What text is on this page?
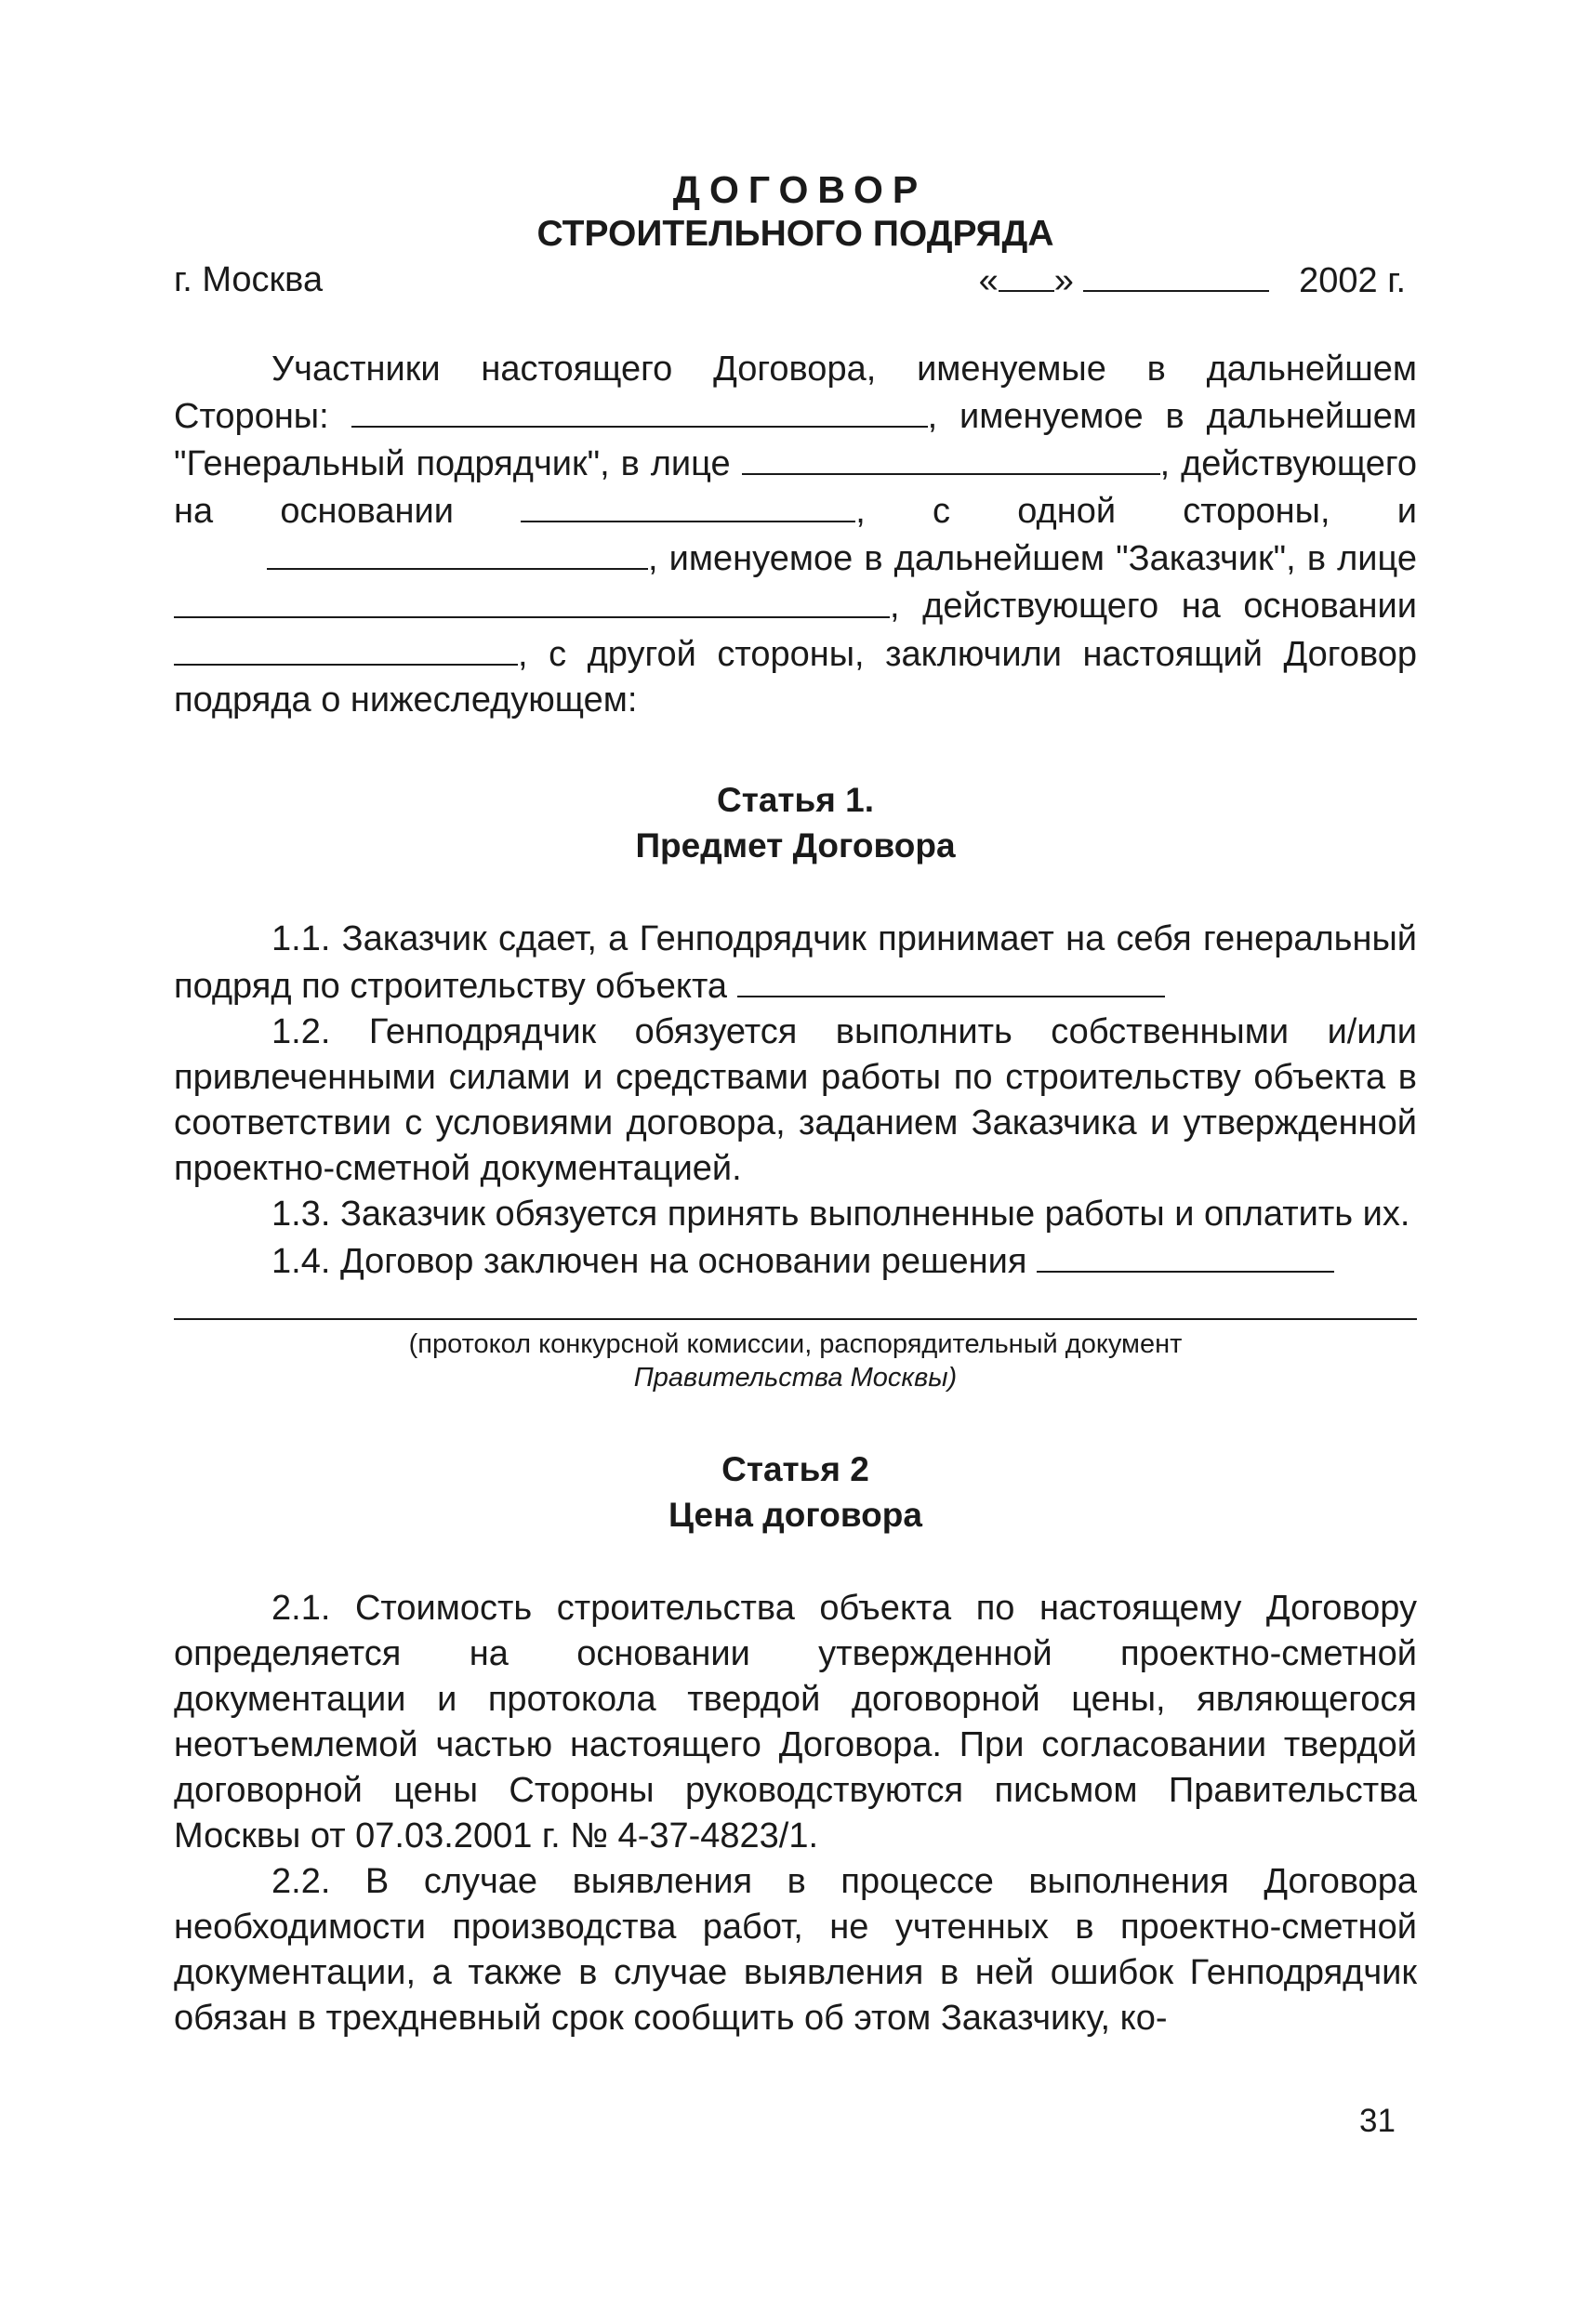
ДОГОВОР
СТРОИТЕЛЬНОГО ПОДРЯДА
г. Москва	« »	2002 г.

Участники настоящего Договора, именуемые в дальнейшем Стороны:	, именуемое в дальнейшем "Генеральный подрядчик", в лице	, действующего на основании	, с одной стороны, и , именуемое в дальнейшем "Заказчик", в лице , действующего на основании , с другой стороны, заключили настоящий Договор подряда о нижеследующем:

Статья 1.
Предмет Договора

1.1. Заказчик сдает, а Генподрядчик принимает на себя генеральный подряд по строительству объекта

1.2. Генподрядчик обязуется выполнить собственными и/или привлеченными силами и средствами работы по строительству объекта в соответствии с условиями договора, заданием Заказчика и утвержденной проектно-сметной документацией.

1.3. Заказчик обязуется принять выполненные работы и оплатить их.

1.4. Договор заключен на основании решения

(протокол конкурсной комиссии, распорядительный документ
Правительства Москвы)
Статья 2
Цена договора

2.1. Стоимость строительства объекта по настоящему Договору определяется на основании утвержденной проектно-сметной документации и протокола твердой договорной цены, являющегося неотъемлемой частью настоящего Договора. При согласовании твердой договорной цены Стороны руководствуются письмом Правительства Москвы от 07.03.2001 г. № 4-37-4823/1.

2.2. В случае выявления в процессе выполнения Договора необходимости производства работ, не учтенных в проектно-сметной документации, а также в случае выявления в ней ошибок Генподрядчик обязан в трехдневный срок сообщить об этом Заказчику, ко-

31
